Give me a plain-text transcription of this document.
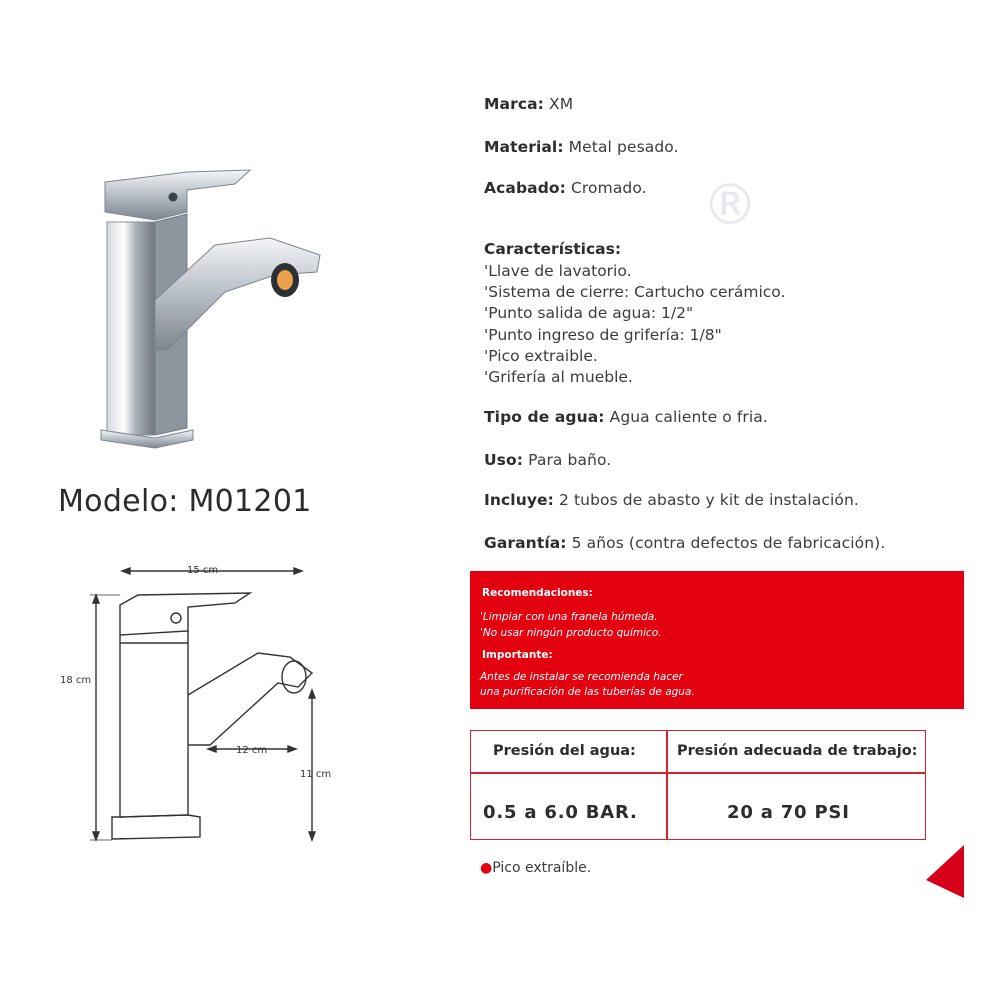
®
Marca: XM
Material: Metal pesado.
Acabado: Cromado.
Características:
'Llave de lavatorio.
'Sistema de cierre: Cartucho cerámico.
'Punto salida de agua: 1/2"
'Punto ingreso de grifería: 1/8"
'Pico extraible.
'Grifería al mueble.
Tipo de agua: Agua caliente o fria.
Uso: Para baño.
Incluye: 2 tubos de abasto y kit de instalación.
Garantía: 5 años (contra defectos de fabricación).
Modelo: M01201
15 cm
18 cm
12 cm
11 cm
Recomendaciones:
'Limpiar con una franela húmeda.
'No usar ningún producto químico.
Importante:
Antes de instalar se recomienda hacer
una purificación de las tuberías de agua.
Presión del agua:	Presión adecuada de trabajo:
0.5 a 6.0 BAR.	20 a 70 PSI
●Pico extraíble.
